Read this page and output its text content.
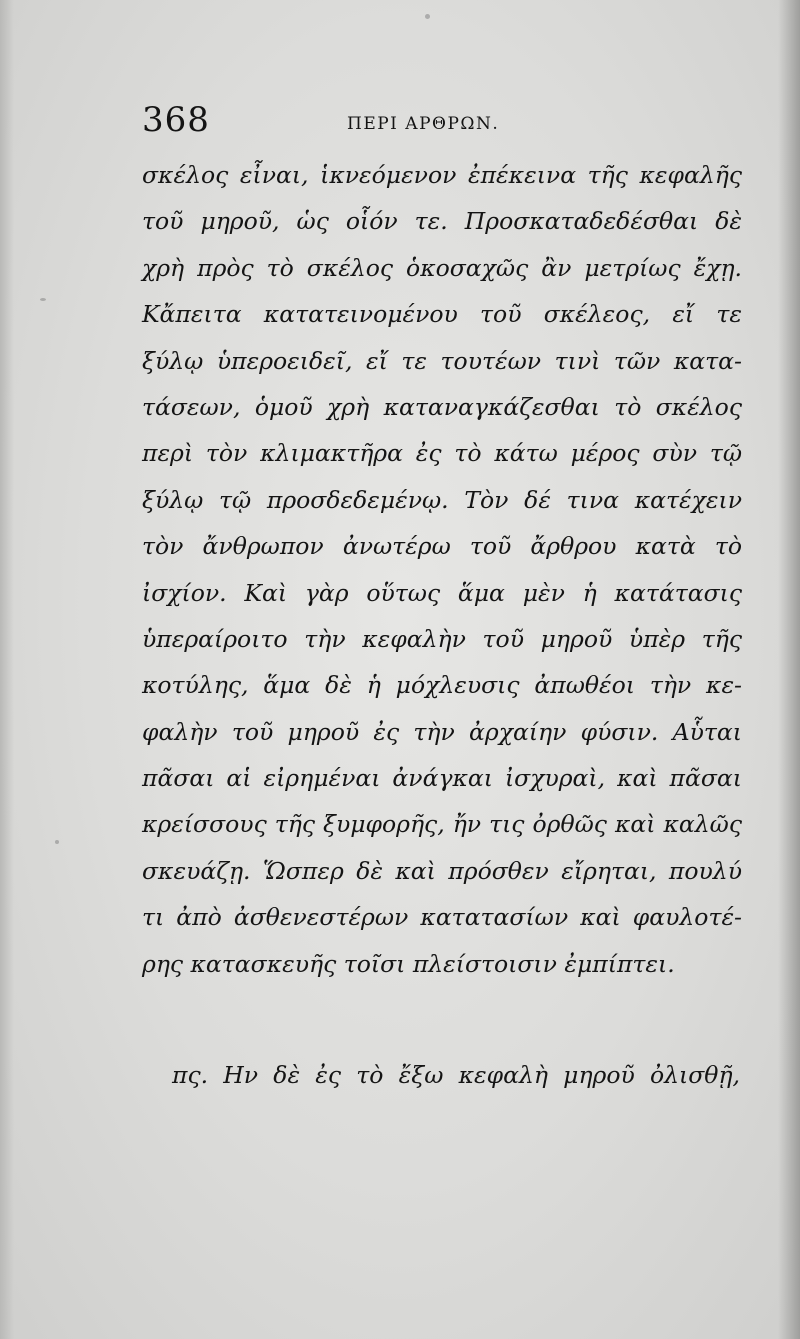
368	ΠΕΡΙ ΑΡΘΡΩΝ.
σκέλος εἶναι, ἱκνεόμενον ἐπέκεινα τῆς κεφαλῆς
τοῦ μηροῦ, ὡς οἷόν τε. Προσκαταδεδέσθαι δὲ
χρὴ πρὸς τὸ σκέλος ὁκοσαχῶς ἂν μετρίως ἔχῃ.
Κἄπειτα κατατεινομένου τοῦ σκέλεος, εἴ τε
ξύλῳ ὑπεροειδεῖ, εἴ τε τουτέων τινὶ τῶν κατα-
τάσεων, ὁμοῦ χρὴ καταναγκάζεσθαι τὸ σκέλος
περὶ τὸν κλιμακτῆρα ἐς τὸ κάτω μέρος σὺν τῷ
ξύλῳ τῷ προσδεδεμένῳ. Τὸν δέ τινα κατέχειν
τὸν ἄνθρωπον ἀνωτέρω τοῦ ἄρθρου κατὰ τὸ
ἰσχίον. Καὶ γὰρ οὕτως ἅμα μὲν ἡ κατάτασις
ὑπεραίροιτο τὴν κεφαλὴν τοῦ μηροῦ ὑπὲρ τῆς
κοτύλης, ἅμα δὲ ἡ μόχλευσις ἀπωθέοι τὴν κε-
φαλὴν τοῦ μηροῦ ἐς τὴν ἀρχαίην φύσιν. Αὗται
πᾶσαι αἱ εἰρημέναι ἀνάγκαι ἰσχυραὶ, καὶ πᾶσαι
κρείσσους τῆς ξυμφορῆς, ἤν τις ὀρθῶς καὶ καλῶς
σκευάζῃ. Ὥσπερ δὲ καὶ πρόσθεν εἴρηται, πουλύ
τι ἀπὸ ἀσθενεστέρων κατατασίων καὶ φαυλοτέ-
ρης κατασκευῆς τοῖσι πλείστοισιν ἐμπίπτει.
πς. Ην δὲ ἐς τὸ ἔξω κεφαλὴ μηροῦ ὀλισθῇ,
